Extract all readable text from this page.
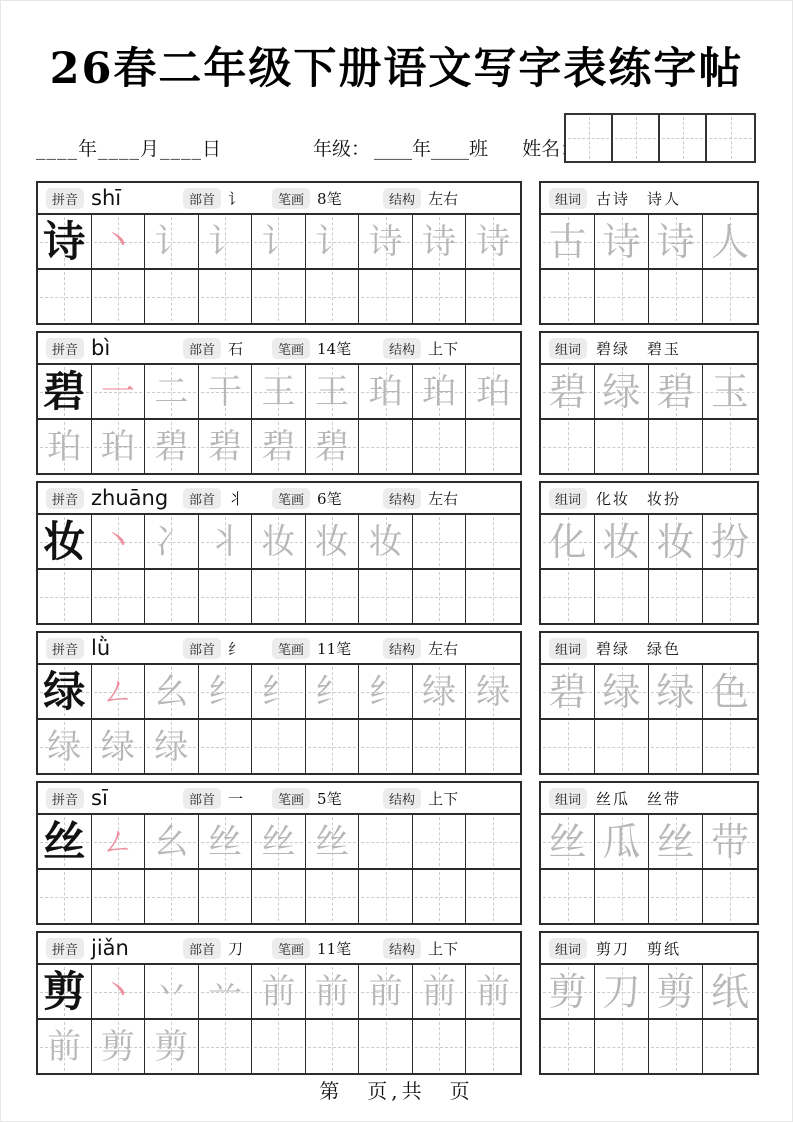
26春二年级下册语文写字表练字帖
____年____月____日	年级： ____年____班 姓名：
拼音 shī	部首 讠	笔画 8笔	结构 左右
诗 丶 讠 讠 讠 讠 诗 诗 诗
组词	古诗　诗人
古 诗 诗 人
拼音 bì	部首 石	笔画 14笔	结构 上下
碧 一 二 干 王 王 珀 珀 珀
珀 珀 碧 碧 碧 碧
组词	碧绿　碧玉
碧 绿 碧 玉
拼音 zhuāng	部首 丬	笔画 6笔	结构 左右
妆 丶 冫 丬 妆 妆 妆
组词	化妆　妆扮
化 妆 妆 扮
拼音 lǜ	部首 纟	笔画 11笔	结构 左右
绿 ㄥ 幺 纟 纟 纟 纟 绿 绿
绿 绿 绿
组词	碧绿　绿色
碧 绿 绿 色
拼音 sī	部首 一	笔画 5笔	结构 上下
丝 ㄥ 幺 丝 丝 丝
组词	丝瓜　丝带
丝 瓜 丝 带
拼音 jiǎn	部首 刀	笔画 11笔	结构 上下
剪 丶 丷 䒑 前 前 前 前 前
前 剪 剪
组词	剪刀　剪纸
剪 刀 剪 纸
第　页,共　页
